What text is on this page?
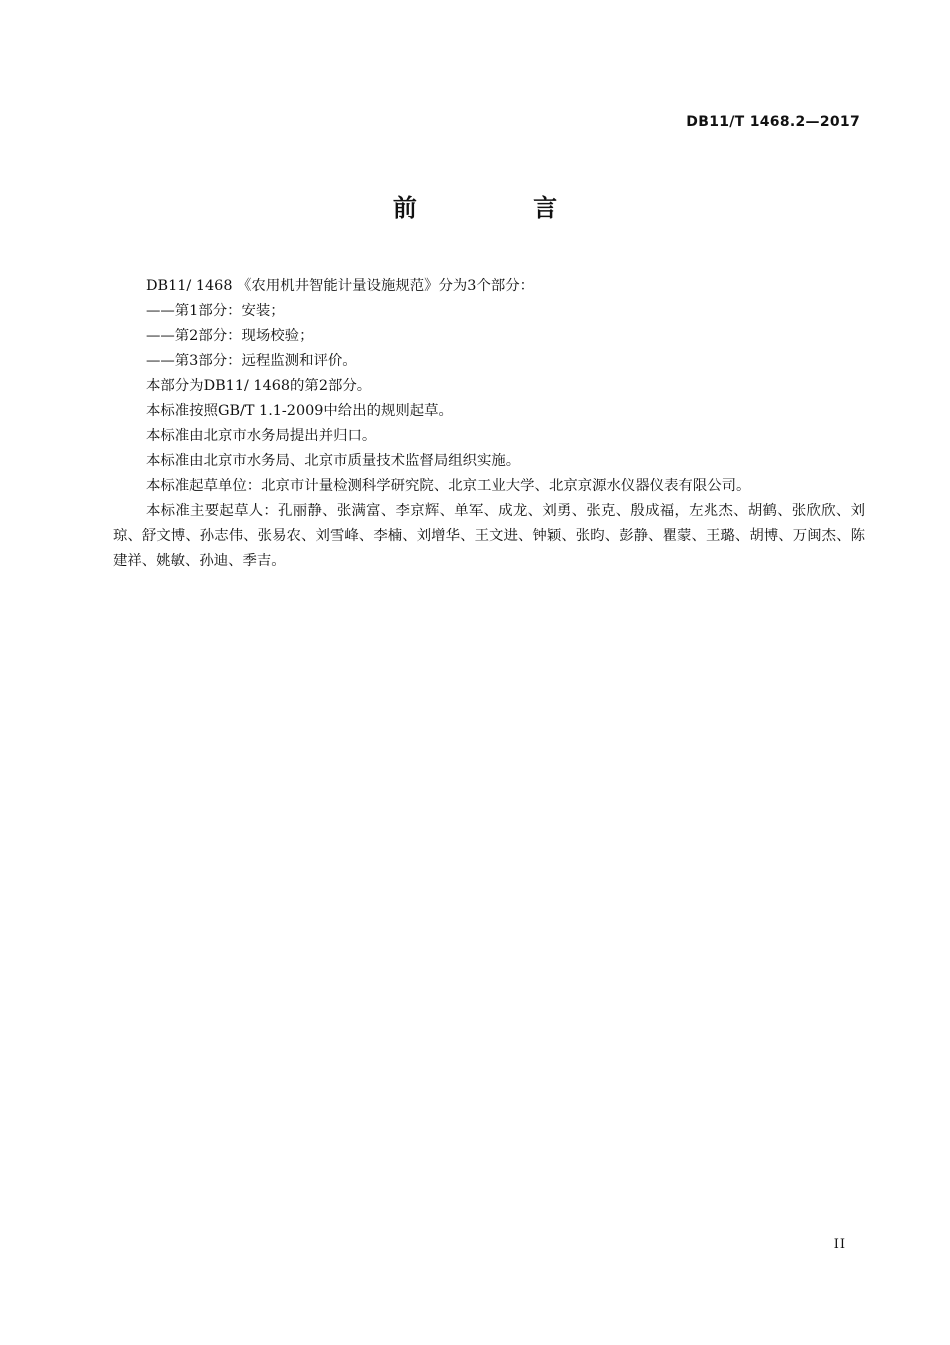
DB11/T 1468.2—2017
前 言

DB11/ 1468 《农用机井智能计量设施规范》分为3个部分：

——第1部分：安装；

——第2部分：现场校验；

——第3部分：远程监测和评价。

本部分为DB11/ 1468的第2部分。

本标准按照GB/T 1.1-2009中给出的规则起草。

本标准由北京市水务局提出并归口。

本标准由北京市水务局、北京市质量技术监督局组织实施。

本标准起草单位：北京市计量检测科学研究院、北京工业大学、北京京源水仪器仪表有限公司。

本标准主要起草人：孔丽静、张满富、李京辉、单军、成龙、刘勇、张克、殷成福，左兆杰、胡鹤、张欣欣、刘琼、舒文博、孙志伟、张易农、刘雪峰、李楠、刘增华、王文进、钟颖、张昀、彭静、瞿蒙、王璐、胡博、万闽杰、陈建祥、姚敏、孙迪、季吉。

II
